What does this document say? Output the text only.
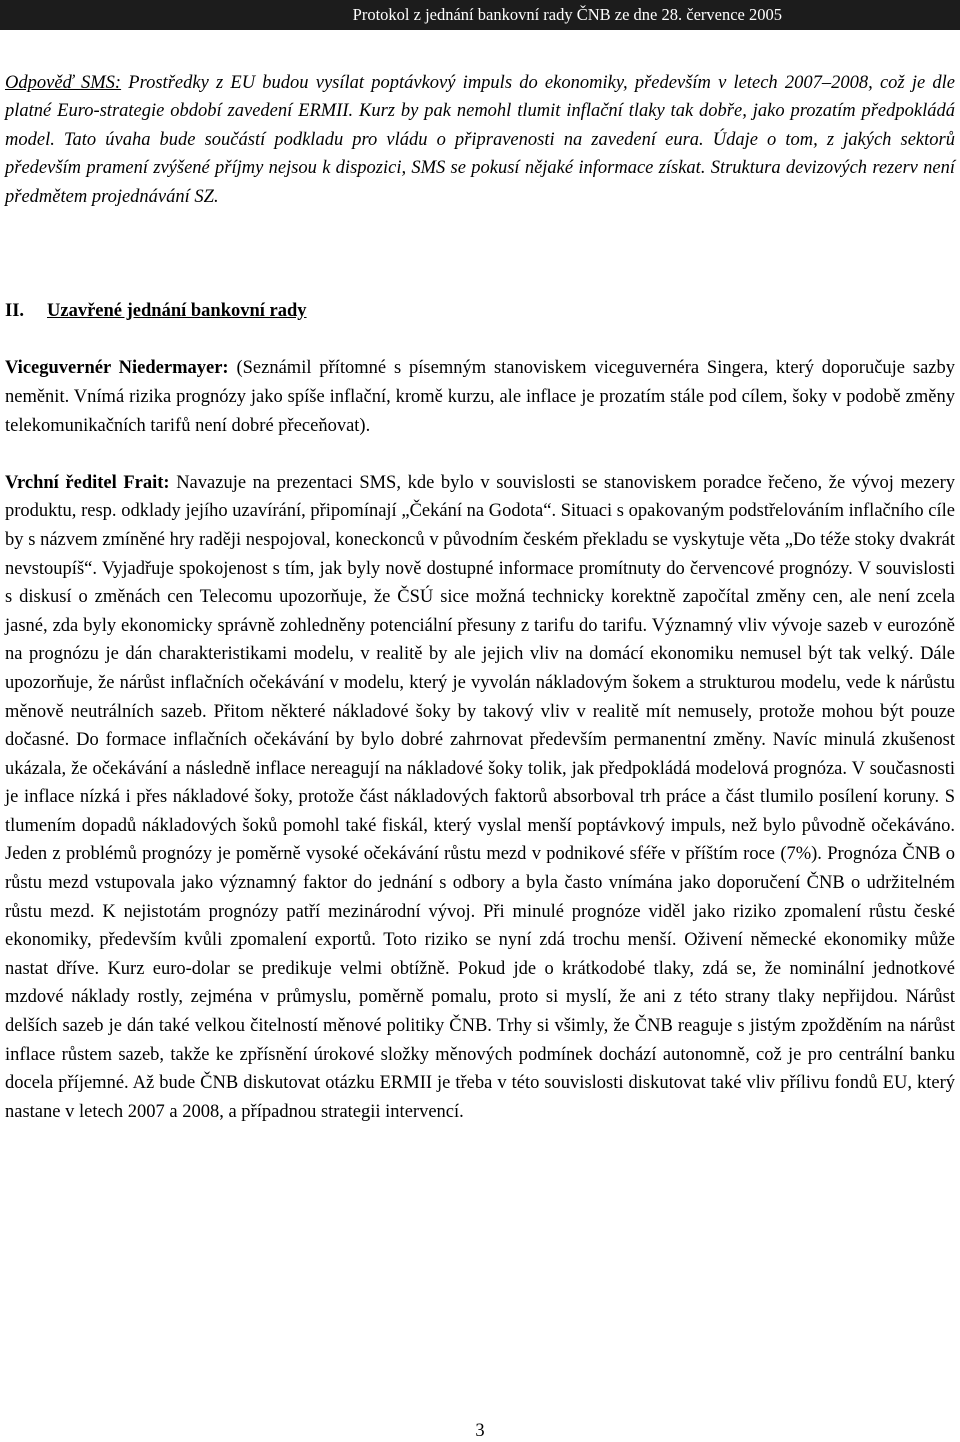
Protokol z jednání bankovní rady ČNB ze dne 28. července 2005

Odpověď SMS: Prostředky z EU budou vysílat poptávkový impuls do ekonomiky, především v letech 2007–2008, což je dle platné Euro-strategie období zavedení ERMII. Kurz by pak nemohl tlumit inflační tlaky tak dobře, jako prozatím předpokládá model. Tato úvaha bude součástí podkladu pro vládu o připravenosti na zavedení eura. Údaje o tom, z jakých sektorů především pramení zvýšené příjmy nejsou k dispozici, SMS se pokusí nějaké informace získat. Struktura devizových rezerv není předmětem projednávání SZ.

II. Uzavřené jednání bankovní rady

Viceguvernér Niedermayer: (Seznámil přítomné s písemným stanoviskem viceguvernéra Singera, který doporučuje sazby neměnit. Vnímá rizika prognózy jako spíše inflační, kromě kurzu, ale inflace je prozatím stále pod cílem, šoky v podobě změny telekomunikačních tarifů není dobré přeceňovat).

Vrchní ředitel Frait: Navazuje na prezentaci SMS, kde bylo v souvislosti se stanoviskem poradce řečeno, že vývoj mezery produktu, resp. odklady jejího uzavírání, připomínají „Čekání na Godota“. Situaci s opakovaným podstřelováním inflačního cíle by s názvem zmíněné hry raději nespojoval, koneckonců v původním českém překladu se vyskytuje věta „Do téže stoky dvakrát nevstoupíš“. Vyjadřuje spokojenost s tím, jak byly nově dostupné informace promítnuty do červencové prognózy. V souvislosti s diskusí o změnách cen Telecomu upozorňuje, že ČSÚ sice možná technicky korektně započítal změny cen, ale není zcela jasné, zda byly ekonomicky správně zohledněny potenciální přesuny z tarifu do tarifu. Významný vliv vývoje sazeb v eurozóně na prognózu je dán charakteristikami modelu, v realitě by ale jejich vliv na domácí ekonomiku nemusel být tak velký. Dále upozorňuje, že nárůst inflačních očekávání v modelu, který je vyvolán nákladovým šokem a strukturou modelu, vede k nárůstu měnově neutrálních sazeb. Přitom některé nákladové šoky by takový vliv v realitě mít nemusely, protože mohou být pouze dočasné. Do formace inflačních očekávání by bylo dobré zahrnovat především permanentní změny. Navíc minulá zkušenost ukázala, že očekávání a následně inflace nereagují na nákladové šoky tolik, jak předpokládá modelová prognóza. V současnosti je inflace nízká i přes nákladové šoky, protože část nákladových faktorů absorboval trh práce a část tlumilo posílení koruny. S tlumením dopadů nákladových šoků pomohl také fiskál, který vyslal menší poptávkový impuls, než bylo původně očekáváno. Jeden z problémů prognózy je poměrně vysoké očekávání růstu mezd v podnikové sféře v příštím roce (7%). Prognóza ČNB o růstu mezd vstupovala jako významný faktor do jednání s odbory a byla často vnímána jako doporučení ČNB o udržitelném růstu mezd. K nejistotám prognózy patří mezinárodní vývoj. Při minulé prognóze viděl jako riziko zpomalení růstu české ekonomiky, především kvůli zpomalení exportů. Toto riziko se nyní zdá trochu menší. Oživení německé ekonomiky může nastat dříve. Kurz euro-dolar se predikuje velmi obtížně. Pokud jde o krátkodobé tlaky, zdá se, že nominální jednotkové mzdové náklady rostly, zejména v průmyslu, poměrně pomalu, proto si myslí, že ani z této strany tlaky nepřijdou. Nárůst delších sazeb je dán také velkou čitelností měnové politiky ČNB. Trhy si všimly, že ČNB reaguje s jistým zpožděním na nárůst inflace růstem sazeb, takže ke zpřísnění úrokové složky měnových podmínek dochází autonomně, což je pro centrální banku docela příjemné. Až bude ČNB diskutovat otázku ERMII je třeba v této souvislosti diskutovat také vliv přílivu fondů EU, který nastane v letech 2007 a 2008, a případnou strategii intervencí.

3
